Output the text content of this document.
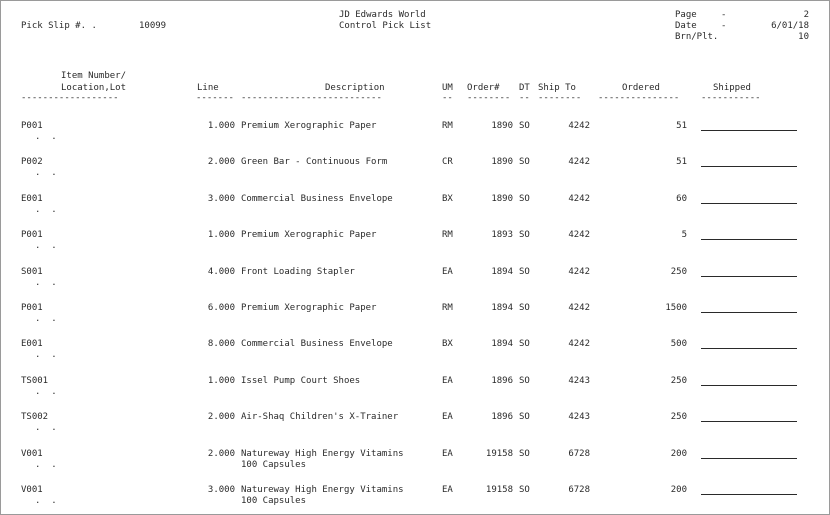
Pick Slip #. .	10099
JD Edwards World
Control Pick List
Page	-	2
Date	-	6/01/18
Brn/Plt.	10
Item Number/
Location,Lot	Line	Description	UM Order# DT Ship To	Ordered	Shipped
------------------	------- --------------------------	-- -------- -- -------- --------------- -----------
P001
.  .
1.000 Premium Xerographic Paper	RM	1890 SO	4242	51
P002
.  .
2.000 Green Bar - Continuous Form	CR	1890 SO	4242	51
E001
.  .
3.000 Commercial Business Envelope	BX	1890 SO	4242	60
P001
.  .
1.000 Premium Xerographic Paper	RM	1893 SO	4242	5
S001
.  .
4.000 Front Loading Stapler	EA	1894 SO	4242	250
P001
.  .
6.000 Premium Xerographic Paper	RM	1894 SO	4242	1500
E001
.  .
8.000 Commercial Business Envelope	BX	1894 SO	4242	500
TS001
.  .
1.000 Issel Pump Court Shoes	EA	1896 SO	4243	250
TS002
.  .
2.000 Air-Shaq Children's X-Trainer	EA	1896 SO	4243	250
V001
.  .
2.000 Natureway High Energy Vitamins
100 Capsules
EA	19158 SO	6728	200
V001
.  .
3.000 Natureway High Energy Vitamins
100 Capsules
EA	19158 SO	6728	200
